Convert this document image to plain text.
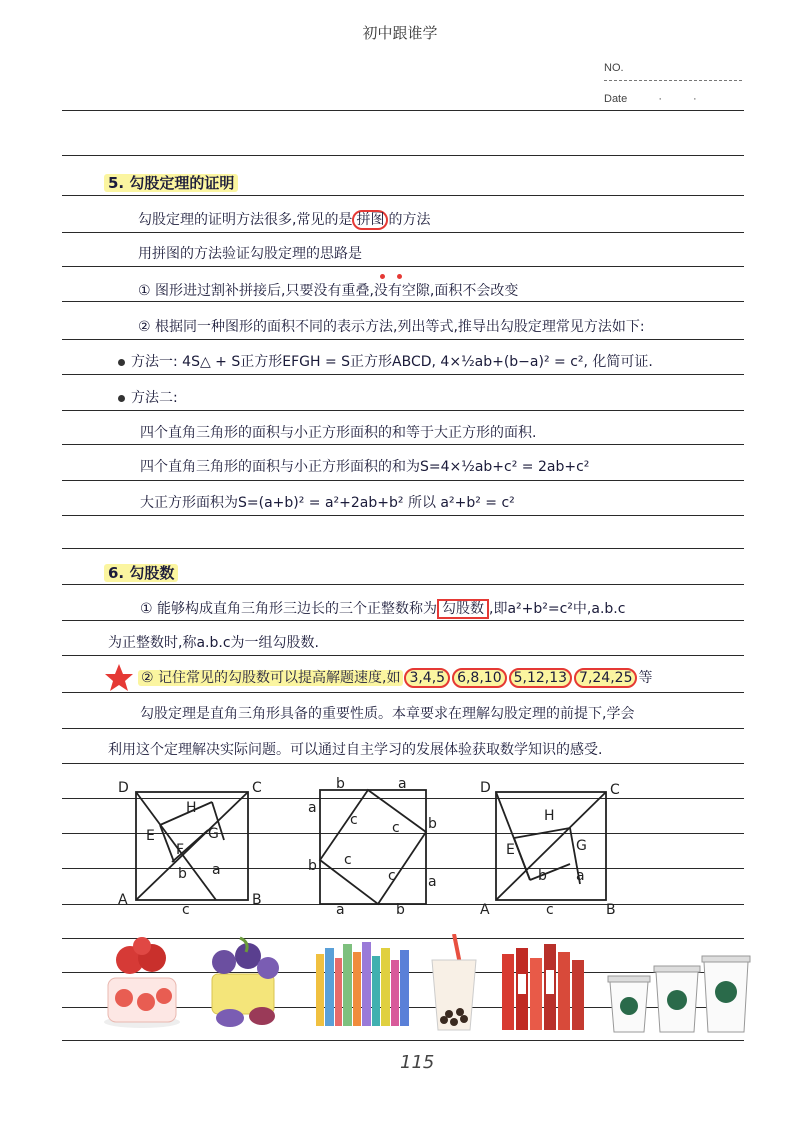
初中跟谁学
NO.
Date	·	·
5. 勾股定理的证明
勾股定理的证明方法很多,常见的是 拼图 的方法
用拼图的方法验证勾股定理的思路是
① 图形进过割补拼接后,只要没有重叠,没有空隙,面积不会改变
② 根据同一种图形的面积不同的表示方法,列出等式,推导出勾股定理常见方法如下:
方法一: 4S△ + S正方形EFGH = S正方形ABCD, 4×½ab+(b−a)² = c², 化简可证.
方法二:
四个直角三角形的面积与小正方形面积的和等于大正方形的面积.
四个直角三角形的面积与小正方形面积的和为S=4×½ab+c² = 2ab+c²
大正方形面积为S=(a+b)² = a²+2ab+b² 所以 a²+b² = c²
6. 勾股数
① 能够构成直角三角形三边长的三个正整数称为 勾股数 ,即a²+b²=c²中,a.b.c
为正整数时,称a.b.c为一组勾股数.
② 记住常见的勾股数可以提高解题速度,如 3,4,5 6,8,10 5,12,13 7,24,25 等
勾股定理是直角三角形具备的重要性质。本章要求在理解勾股定理的前提下,学会
利用这个定理解决实际问题。可以通过自主学习的发展体验获取数学知识的感受.
D	C
A	B
H
E	G
F
b a
c
b	a
a
b
b
a
a	b
c c
c
c
D	C
A	B
H
E	G
b a
c
115
